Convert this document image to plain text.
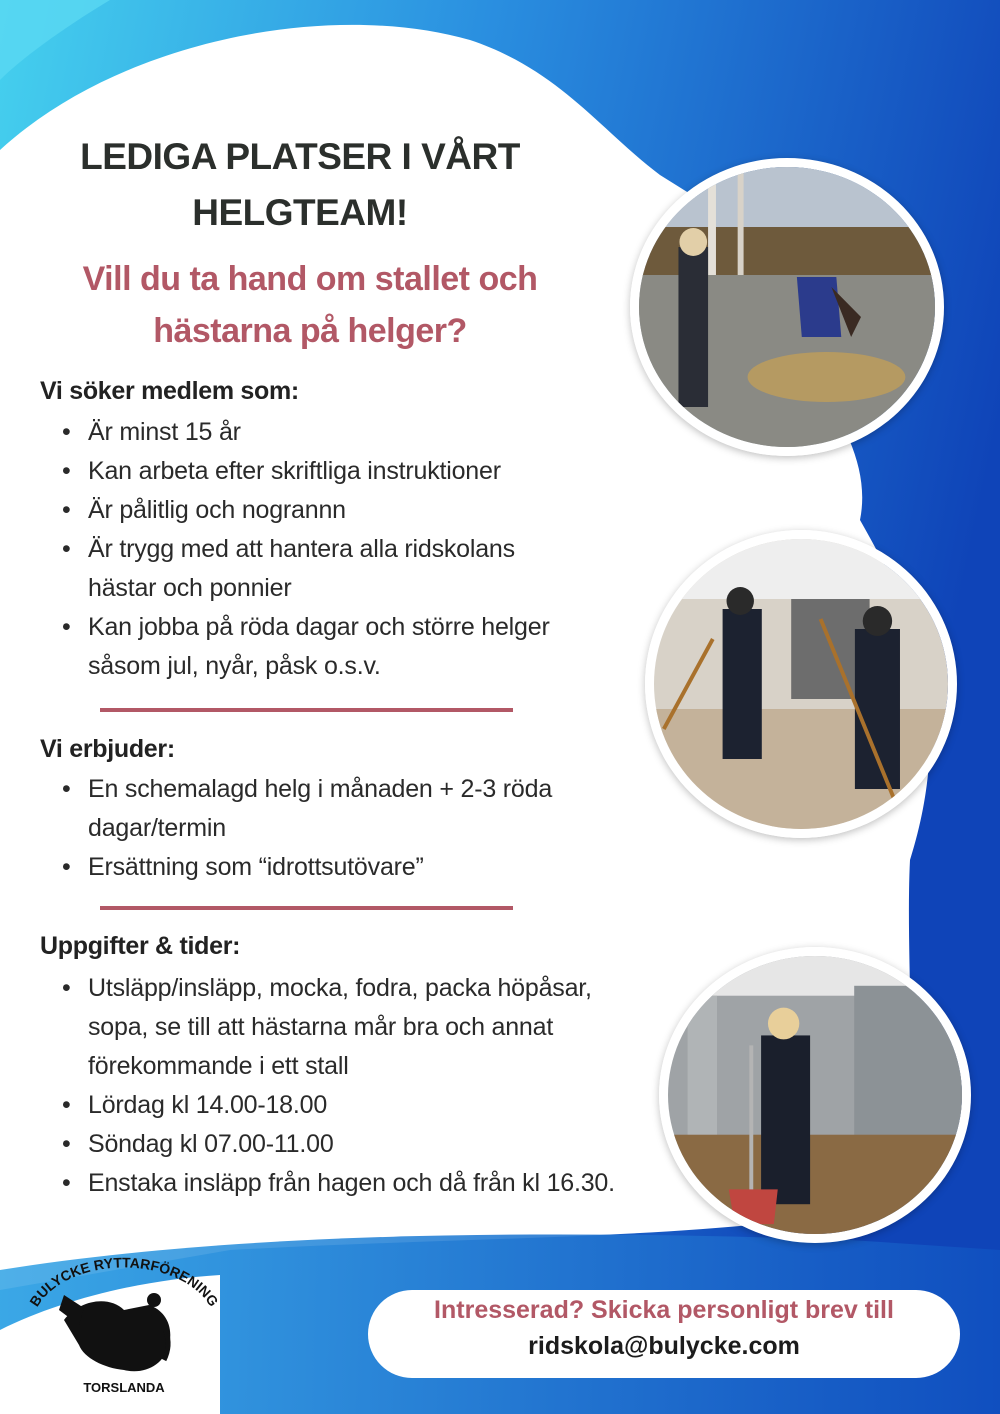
LEDIGA PLATSER I VÅRT
HELGTEAM!
Vill du ta hand om stallet och
hästarna på helger?
Vi söker medlem som:
• Är minst 15 år
• Kan arbeta efter skriftliga instruktioner
• Är pålitlig och nogrannn
• Är trygg med att hantera alla ridskolans hästar och ponnier
• Kan jobba på röda dagar och större helger såsom jul, nyår, påsk o.s.v.
Vi erbjuder:
• En schemalagd helg i månaden + 2-3 röda dagar/termin
• Ersättning som “idrottsutövare”
Uppgifter & tider:
• Utsläpp/insläpp, mocka, fodra, packa höpåsar, sopa, se till att hästarna mår bra och annat förekommande i ett stall
• Lördag kl 14.00-18.00
• Söndag kl 07.00-11.00
• Enstaka insläpp från hagen och då från kl 16.30.
BULYCKE RYTTARFÖRENING
TORSLANDA
Intresserad? Skicka personligt brev till
ridskola@bulycke.com
